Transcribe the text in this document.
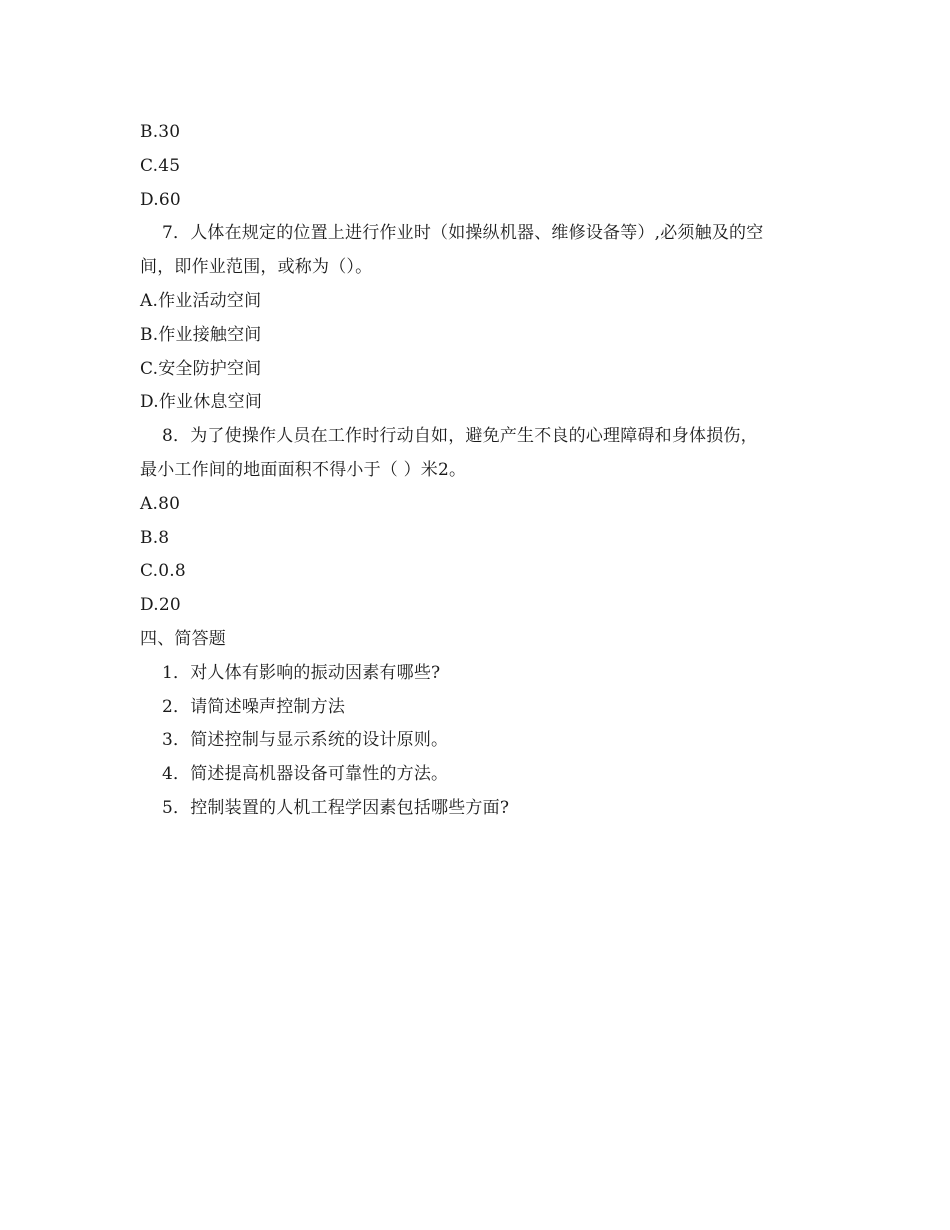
B.30
C.45
D.60
7．人体在规定的位置上进行作业时（如操纵机器、维修设备等）,必须触及的空
间，即作业范围，或称为（）。
A.作业活动空间
B.作业接触空间
C.安全防护空间
D.作业休息空间
8．为了使操作人员在工作时行动自如，避免产生不良的心理障碍和身体损伤，
最小工作间的地面面积不得小于（ ）米2。
A.80
B.8
C.0.8
D.20
四、简答题
1．对人体有影响的振动因素有哪些?
2．请简述噪声控制方法
3．简述控制与显示系统的设计原则。
4．简述提高机器设备可靠性的方法。
5．控制装置的人机工程学因素包括哪些方面?
